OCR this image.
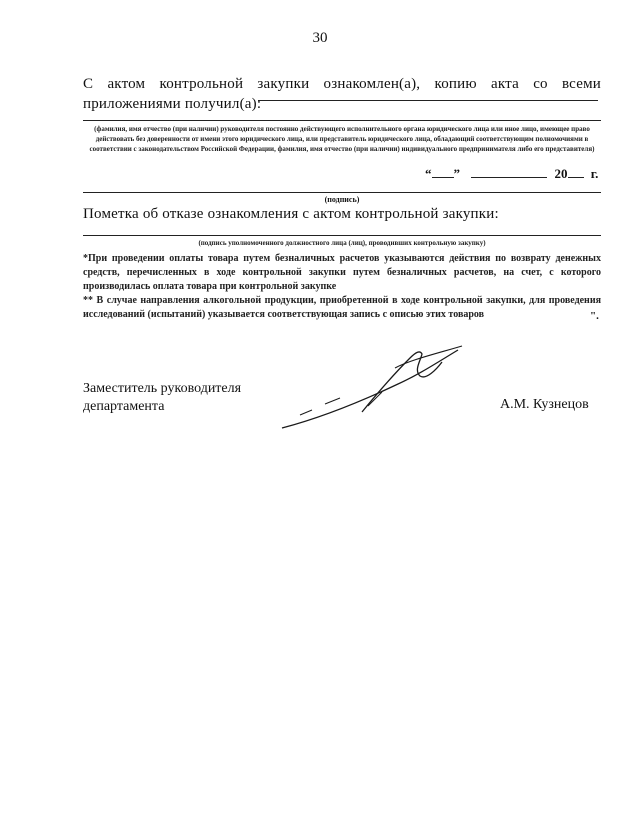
30
С актом контрольной закупки ознакомлен(а), копию акта со всеми
приложениями получил(а):
(фамилия, имя отчество (при наличии) руководителя постоянно действующего исполнительного органа юридического лица или иное лицо, имеющее право действовать без доверенности от имени этого юридического лица, или представитель юридического лица, обладающий соответствующим полномочиями в соответствии с законодательством Российской Федерации, фамилия, имя отчество (при наличии) индивидуального предпринимателя либо его представителя)
“ ”	20 г.
(подпись)
Пометка об отказе ознакомления с актом контрольной закупки:
(подпись уполномоченного должностного лица (лиц), проводивших контрольную закупку)
*При проведении оплаты товара путем безналичных расчетов указываются действия по возврату денежных средств, перечисленных в ходе контрольной закупки путем безналичных расчетов, на счет, с которого производилась оплата товара при контрольной закупке
** В случае направления алкогольной продукции, приобретенной в ходе контрольной закупки, для проведения исследований (испытаний) указывается соответствующая запись с описью этих товаров	".
Заместитель руководителя
департамента	А.М. Кузнецов
